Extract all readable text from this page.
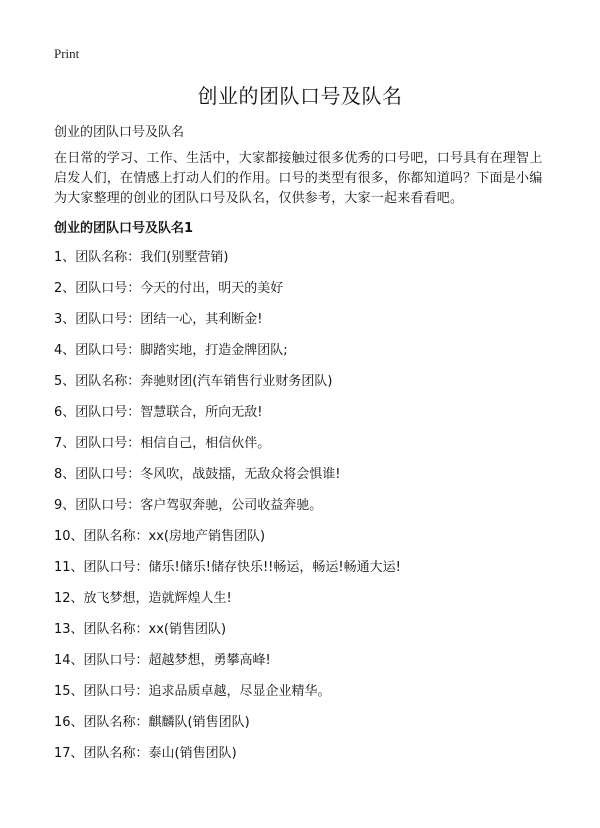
Print
创业的团队口号及队名

创业的团队口号及队名

在日常的学习、工作、生活中，大家都接触过很多优秀的口号吧，口号具有在理智上启发人们，在情感上打动人们的作用。口号的类型有很多，你都知道吗？下面是小编为大家整理的创业的团队口号及队名，仅供参考，大家一起来看看吧。

创业的团队口号及队名1
1、团队名称：我们(别墅营销)
2、团队口号：今天的付出，明天的美好
3、团队口号：团结一心，其利断金!
4、团队口号：脚踏实地，打造金牌团队;
5、团队名称：奔驰财团(汽车销售行业财务团队)
6、团队口号：智慧联合，所向无敌!
7、团队口号：相信自己，相信伙伴。
8、团队口号：冬风吹，战鼓擂，无敌众将会惧谁!
9、团队口号：客户驾驭奔驰，公司收益奔驰。
10、团队名称：xx(房地产销售团队)
11、团队口号：储乐!储乐!储存快乐!!畅运，畅运!畅通大运!
12、放飞梦想，造就辉煌人生!
13、团队名称：xx(销售团队)
14、团队口号：超越梦想，勇攀高峰!
15、团队口号：追求品质卓越，尽显企业精华。
16、团队名称：麒麟队(销售团队)
17、团队名称：泰山(销售团队)
